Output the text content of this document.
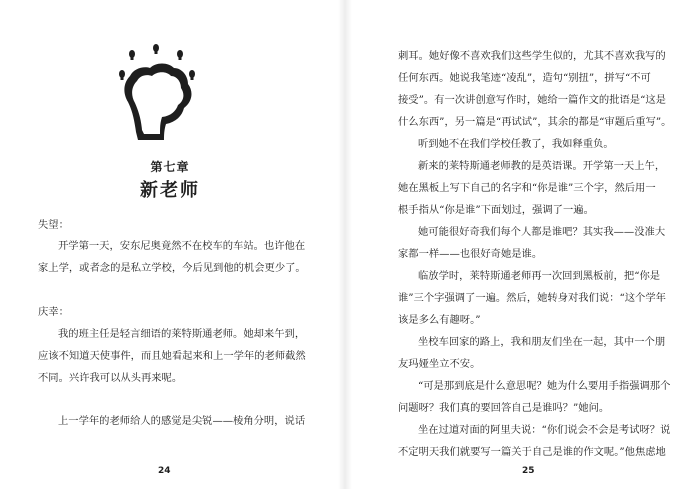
第七章
新老师
失望：
开学第一天，安东尼奥竟然不在校车的车站。也许他在
家上学，或者念的是私立学校，今后见到他的机会更少了。
庆幸：
我的班主任是轻言细语的莱特斯通老师。她却来午到，
应该不知道天使事件，而且她看起来和上一学年的老师截然
不同。兴许我可以从头再来呢。
上一学年的老师给人的感觉是尖锐——棱角分明，说话
24
刺耳。她好像不喜欢我们这些学生似的，尤其不喜欢我写的
任何东西。她说我笔迹“凌乱”，造句“别扭”，拼写“不可
接受”。有一次讲创意写作时，她给一篇作文的批语是“这是
什么东西”，另一篇是“再试试”，其余的都是“审题后重写”。
听到她不在我们学校任教了，我如释重负。
新来的莱特斯通老师教的是英语课。开学第一天上午，
她在黑板上写下自己的名字和“你是谁”三个字，然后用一
根手指从“你是谁”下面划过，强调了一遍。
她可能很好奇我们每个人都是谁吧？其实我——没准大
家都一样——也很好奇她是谁。
临放学时，莱特斯通老师再一次回到黑板前，把“你是
谁”三个字强调了一遍。然后，她转身对我们说：“这个学年
该是多么有趣呀。”
坐校车回家的路上，我和朋友们坐在一起，其中一个朋
友玛娅坐立不安。
“可是那到底是什么意思呢？她为什么要用手指强调那个
问题呀？我们真的要回答自己是谁吗？”她问。
坐在过道对面的阿里夫说：“你们说会不会是考试呀？说
不定明天我们就要写一篇关于自己是谁的作文呢。”他焦虑地
25
